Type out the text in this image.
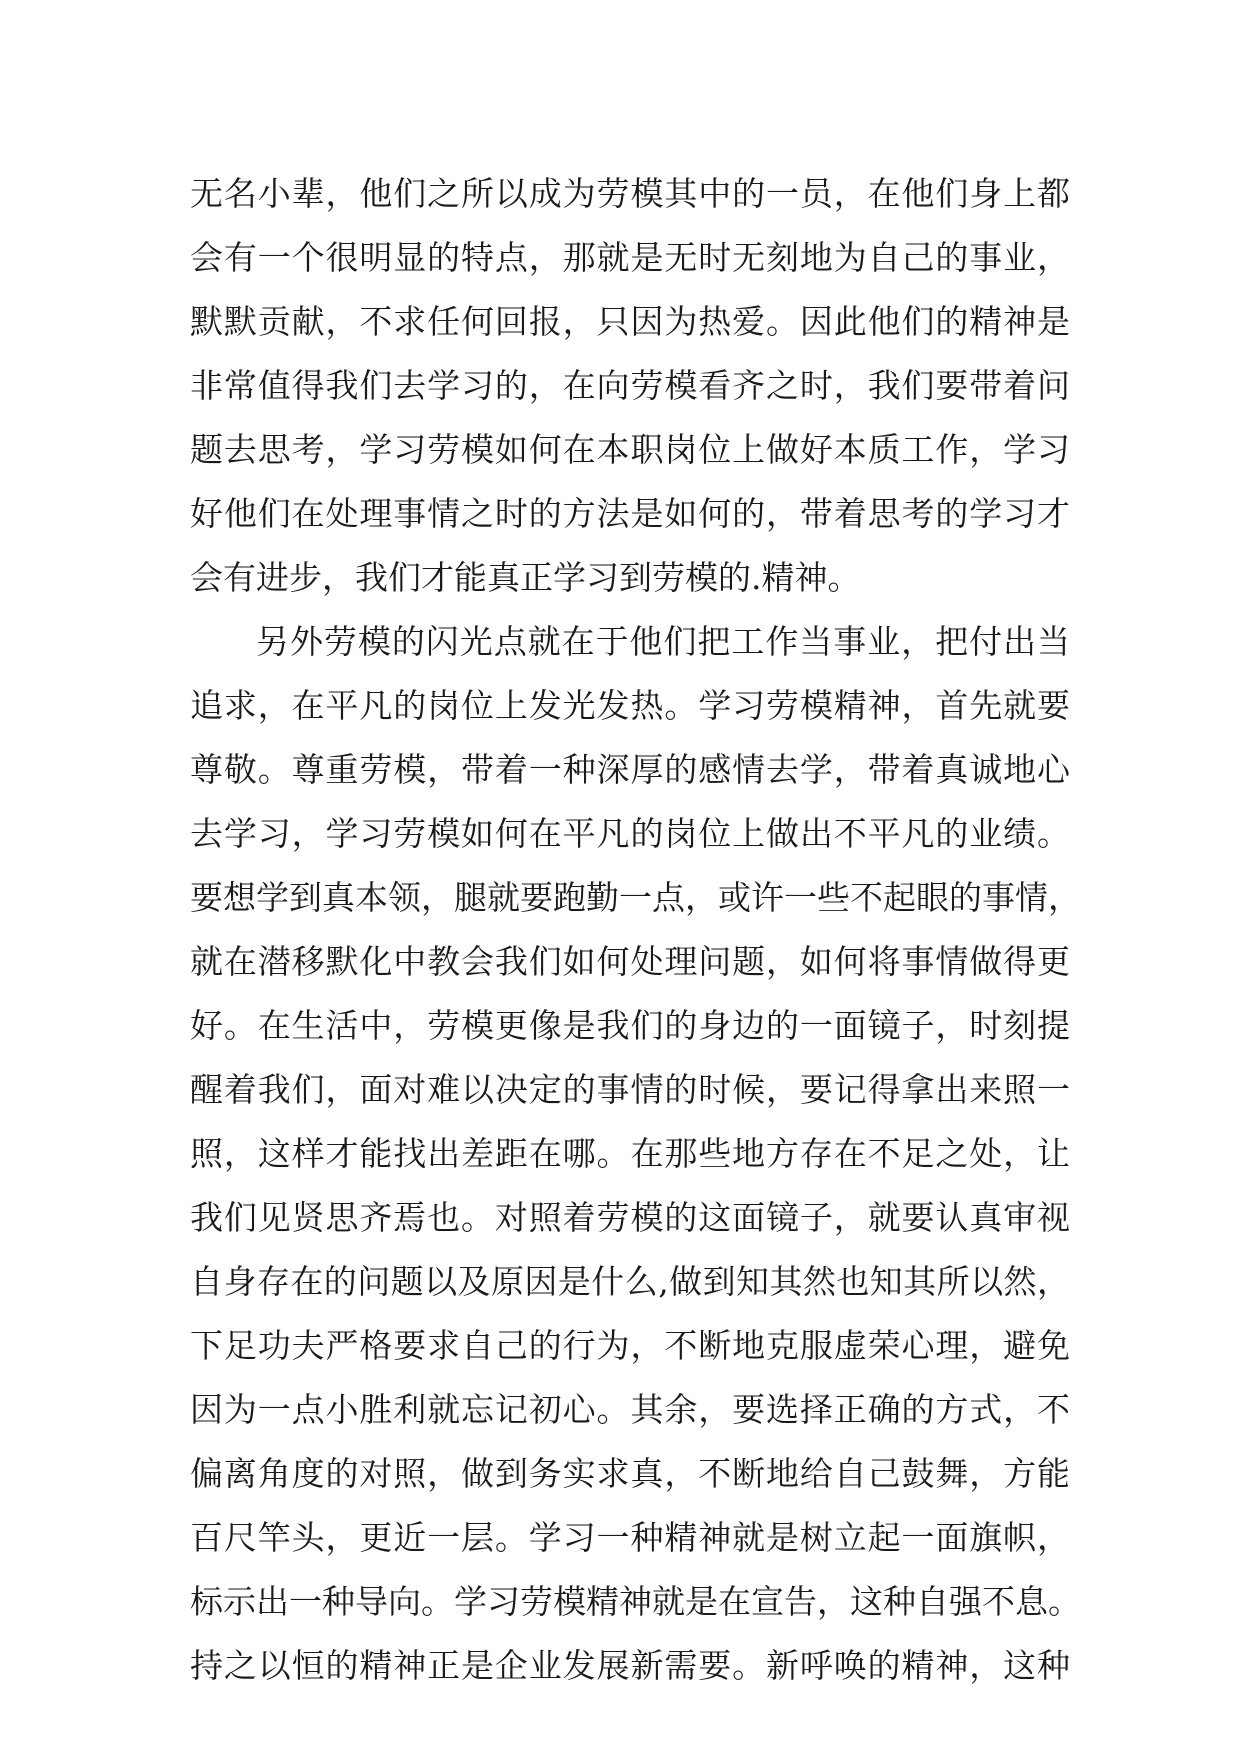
无名小辈，他们之所以成为劳模其中的一员，在他们身上都
会有一个很明显的特点，那就是无时无刻地为自己的事业，
默默贡献，不求任何回报，只因为热爱。因此他们的精神是
非常值得我们去学习的，在向劳模看齐之时，我们要带着问
题去思考，学习劳模如何在本职岗位上做好本质工作，学习
好他们在处理事情之时的方法是如何的，带着思考的学习才
会有进步，我们才能真正学习到劳模的.精神。
另外劳模的闪光点就在于他们把工作当事业，把付出当
追求，在平凡的岗位上发光发热。学习劳模精神，首先就要
尊敬。尊重劳模，带着一种深厚的感情去学，带着真诚地心
去学习，学习劳模如何在平凡的岗位上做出不平凡的业绩。
要想学到真本领，腿就要跑勤一点，或许一些不起眼的事情，
就在潜移默化中教会我们如何处理问题，如何将事情做得更
好。在生活中，劳模更像是我们的身边的一面镜子，时刻提
醒着我们，面对难以决定的事情的时候，要记得拿出来照一
照，这样才能找出差距在哪。在那些地方存在不足之处，让
我们见贤思齐焉也。对照着劳模的这面镜子，就要认真审视
自身存在的问题以及原因是什么,做到知其然也知其所以然，
下足功夫严格要求自己的行为，不断地克服虚荣心理，避免
因为一点小胜利就忘记初心。其余，要选择正确的方式，不
偏离角度的对照，做到务实求真，不断地给自己鼓舞，方能
百尺竿头，更近一层。学习一种精神就是树立起一面旗帜，
标示出一种导向。学习劳模精神就是在宣告，这种自强不息。
持之以恒的精神正是企业发展新需要。新呼唤的精神，这种
